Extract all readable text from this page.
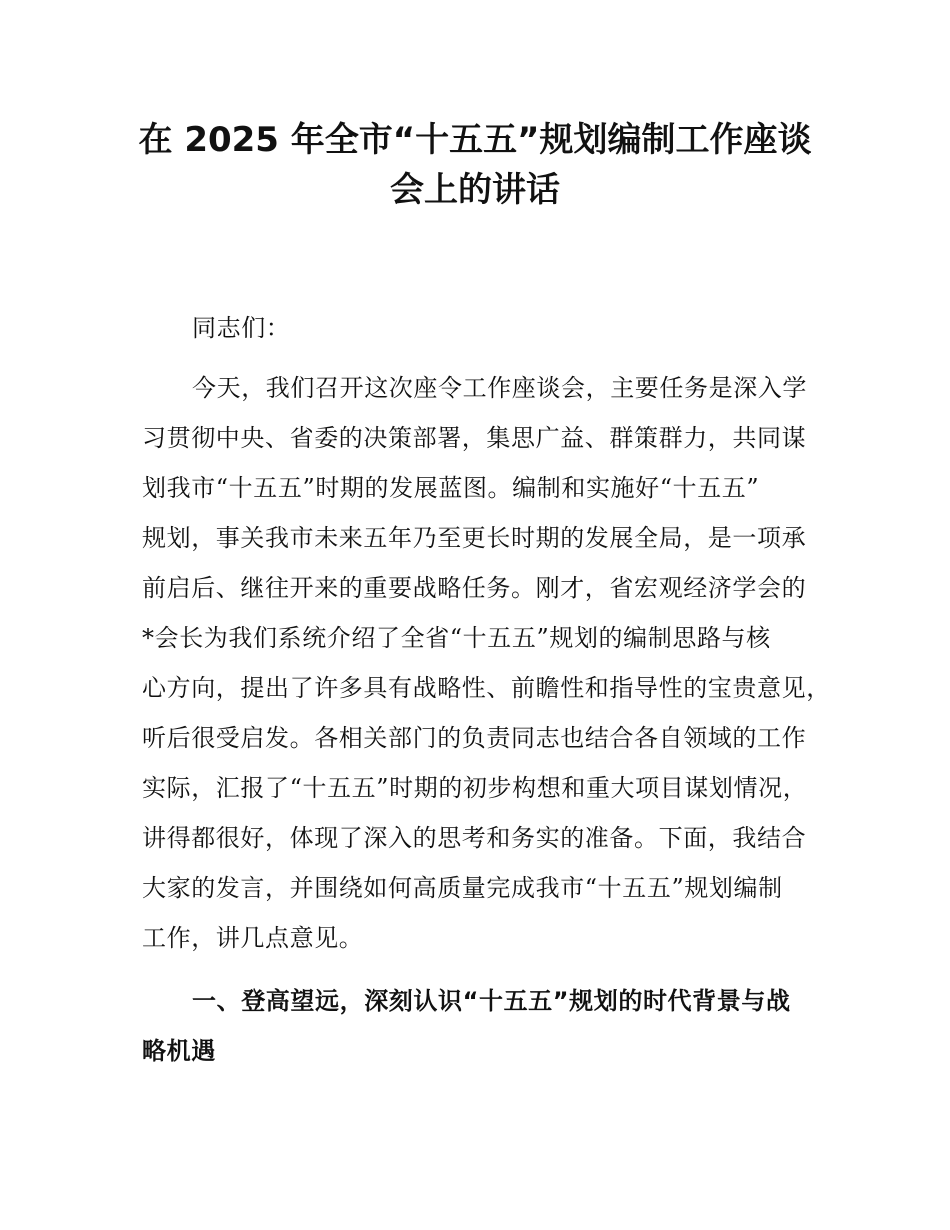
在 2025 年全市“十五五”规划编制工作座谈
会上的讲话
同志们：
今天，我们召开这次座令工作座谈会，主要任务是深入学
习贯彻中央、省委的决策部署，集思广益、群策群力，共同谋
划我市“十五五”时期的发展蓝图。编制和实施好“十五五”
规划，事关我市未来五年乃至更长时期的发展全局，是一项承
前启后、继往开来的重要战略任务。刚才，省宏观经济学会的
*会长为我们系统介绍了全省“十五五”规划的编制思路与核
心方向，提出了许多具有战略性、前瞻性和指导性的宝贵意见，
听后很受启发。各相关部门的负责同志也结合各自领域的工作
实际，汇报了“十五五”时期的初步构想和重大项目谋划情况，
讲得都很好，体现了深入的思考和务实的准备。下面，我结合
大家的发言，并围绕如何高质量完成我市“十五五”规划编制
工作，讲几点意见。
一、登高望远，深刻认识“十五五”规划的时代背景与战
略机遇
